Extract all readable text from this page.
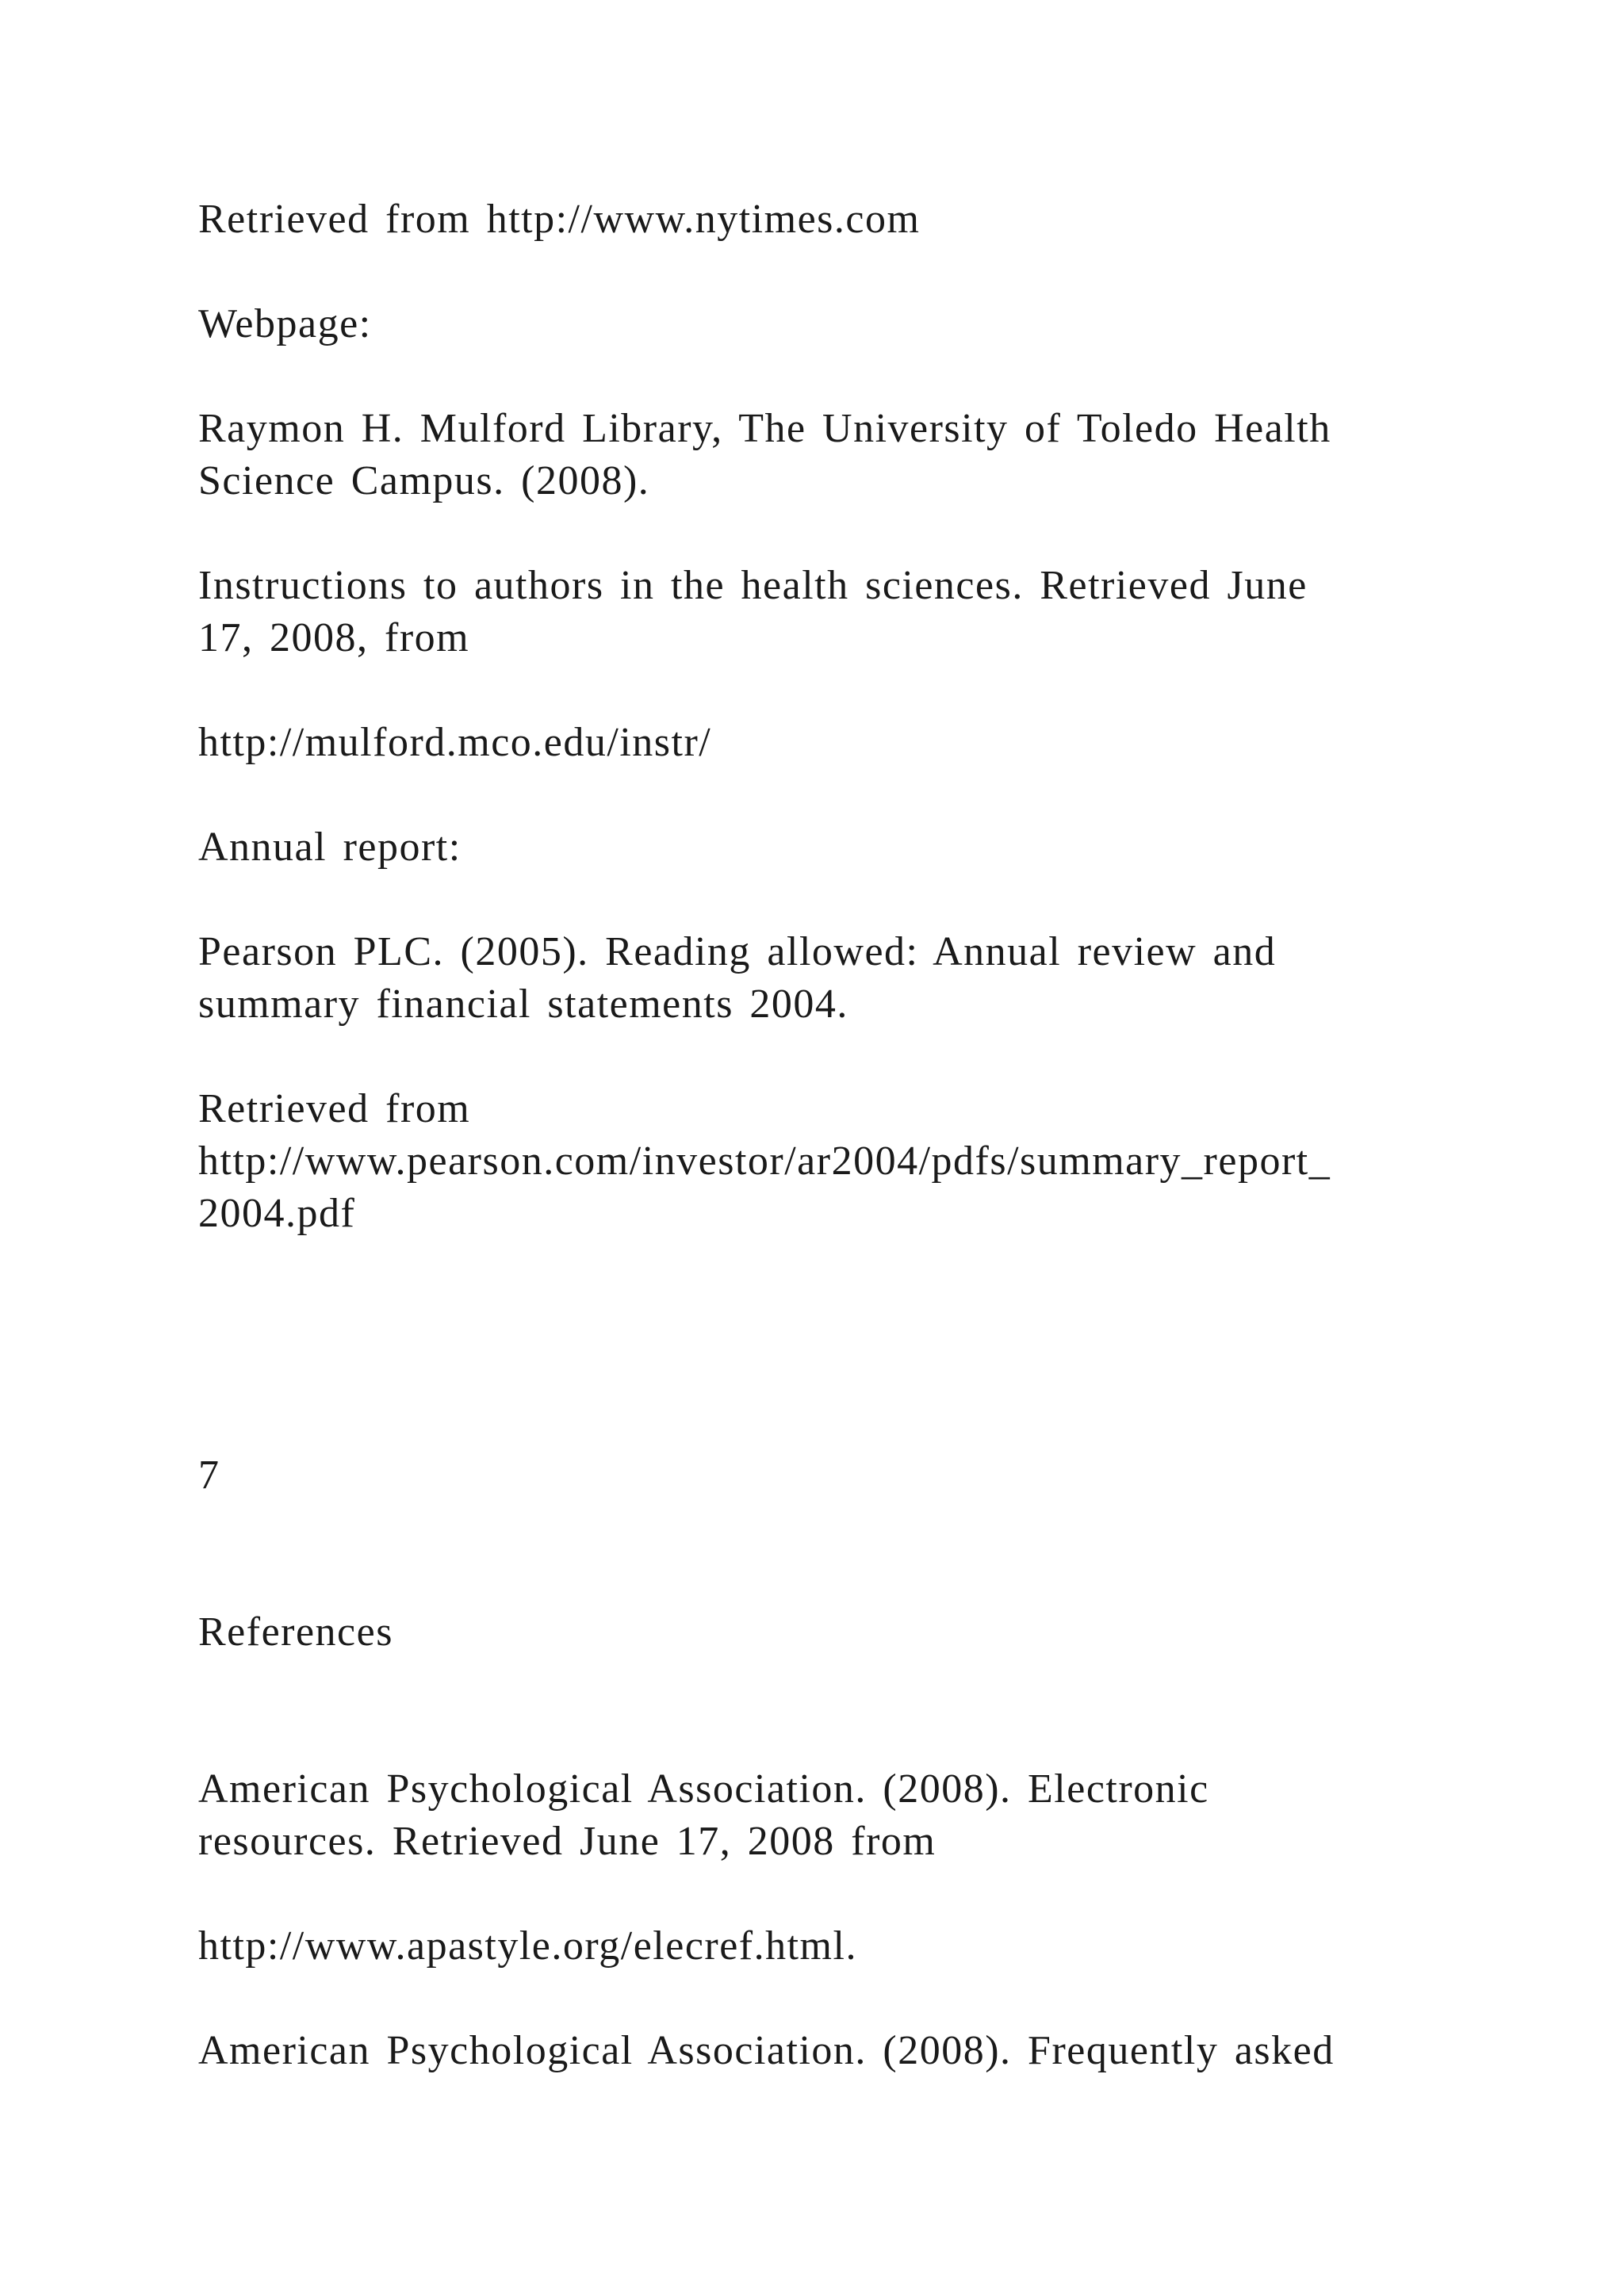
Retrieved from http://www.nytimes.com
Webpage:
Raymon H. Mulford Library, The University of Toledo Health
Science Campus. (2008).
Instructions to authors in the health sciences. Retrieved June
17, 2008, from
http://mulford.mco.edu/instr/
Annual report:
Pearson PLC. (2005). Reading allowed: Annual review and
summary financial statements 2004.
Retrieved from
http://www.pearson.com/investor/ar2004/pdfs/summary_report_
2004.pdf
7
References
American Psychological Association. (2008). Electronic
resources. Retrieved June 17, 2008 from
http://www.apastyle.org/elecref.html.
American Psychological Association. (2008). Frequently asked
